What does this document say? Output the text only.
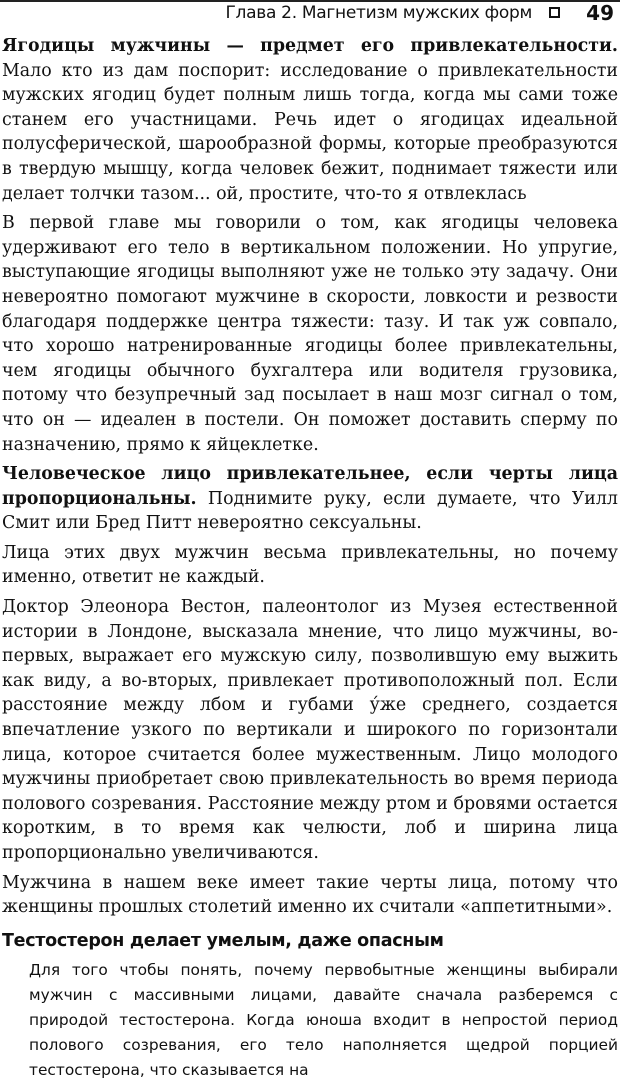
Глава 2. Магнетизм мужских форм	49

Ягодицы мужчины — предмет его привлекательности. Мало кто из дам поспорит: исследование о привлекательности мужских ягодиц будет полным лишь тогда, когда мы сами тоже станем его участницами. Речь идет о ягодицах идеальной полусферической, шарообразной формы, которые преобразуются в твердую мышцу, когда человек бежит, поднимает тяжести или делает толчки тазом... ой, простите, что-то я отвлеклась

В первой главе мы говорили о том, как ягодицы человека удерживают его тело в вертикальном положении. Но упругие, выступающие ягодицы выполняют уже не только эту задачу. Они невероятно помогают мужчине в скорости, ловкости и резвости благодаря поддержке центра тяжести: тазу. И так уж совпало, что хорошо натренированные ягодицы более привлекательны, чем ягодицы обычного бухгалтера или водителя грузовика, потому что безупречный зад посылает в наш мозг сигнал о том, что он — идеален в постели. Он поможет доставить сперму по назначению, прямо к яйцеклетке.

Человеческое лицо привлекательнее, если черты лица пропорциональны. Поднимите руку, если думаете, что Уилл Смит или Бред Питт невероятно сексуальны.

Лица этих двух мужчин весьма привлекательны, но почему именно, ответит не каждый.

Доктор Элеонора Вестон, палеонтолог из Музея естественной истории в Лондоне, высказала мнение, что лицо мужчины, во-первых, выражает его мужскую силу, позволившую ему выжить как виду, а во-вторых, привлекает противоположный пол. Если расстояние между лбом и губами у́же среднего, создается впечатление узкого по вертикали и широкого по горизонтали лица, которое считается более мужественным. Лицо молодого мужчины приобретает свою привлекательность во время периода полового созревания. Расстояние между ртом и бровями остается коротким, в то время как челюсти, лоб и ширина лица пропорционально увеличиваются.

Мужчина в нашем веке имеет такие черты лица, потому что женщины прошлых столетий именно их считали «аппетитными».

Тестостерон делает умелым, даже опасным

Для того чтобы понять, почему первобытные женщины выбирали мужчин с массивными лицами, давайте сначала разберемся с природой тестостерона. Когда юноша входит в непростой период полового созревания, его тело наполняется щедрой порцией тестостерона, что сказывается на
